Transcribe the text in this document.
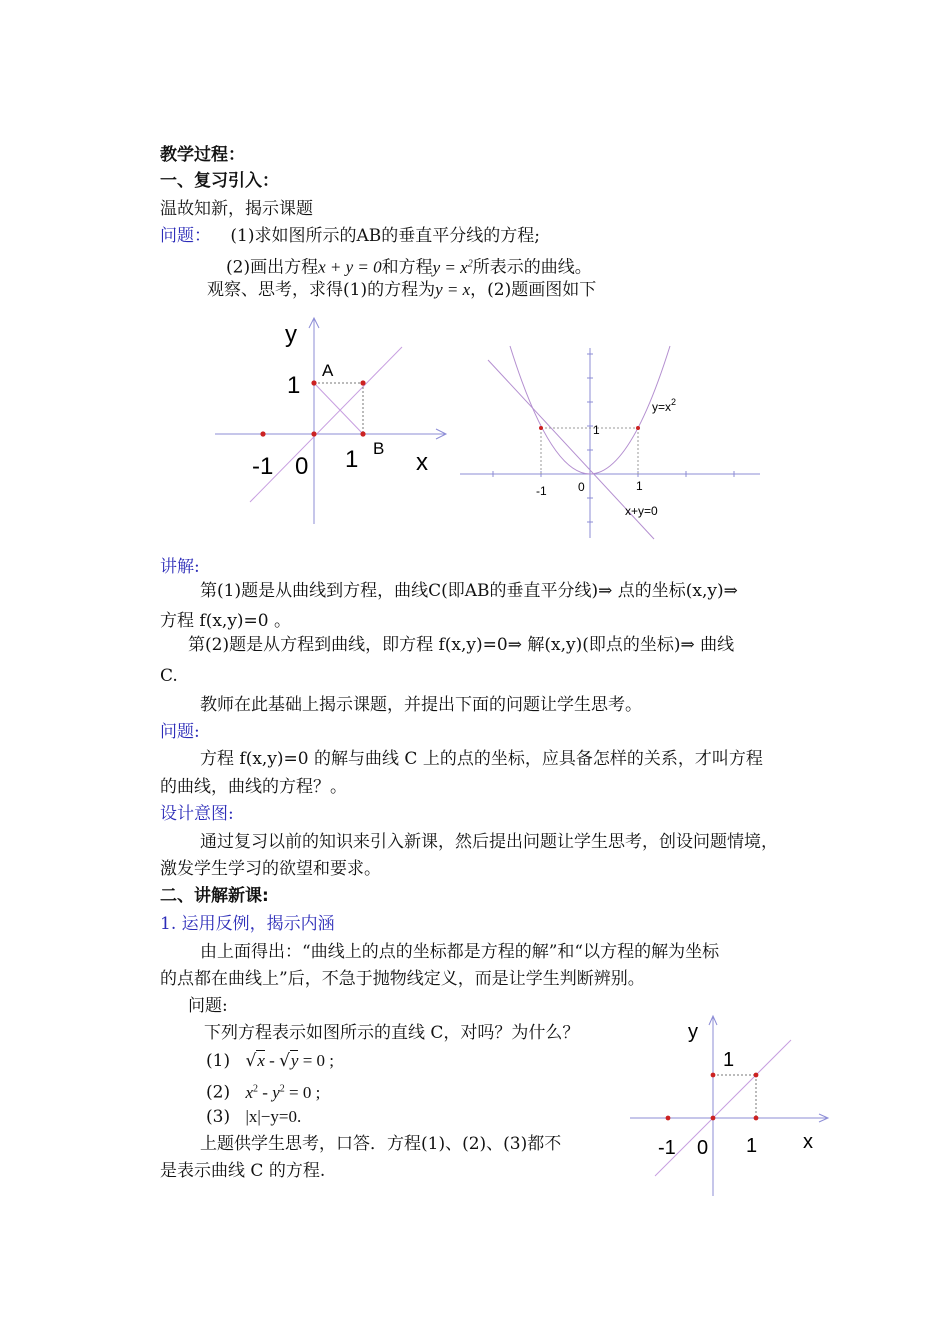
教学过程：
一、复习引入：
温故知新，揭示课题
问题： (1)求如图所示的AB的垂直平分线的方程;
(2)画出方程x + y = 0和方程$y = x^2$所表示的曲线。
观察、思考，求得(1)的方程为y = x，(2)题画图如下
y
A
1
B
-1 0 1 x
$y=x^2$
1
-1	0	1
x+y=0
讲解:
第(1)题是从曲线到方程，曲线C(即AB的垂直平分线)⇒ 点的坐标(x,y)⇒
方程 f(x,y)=0 。
第(2)题是从方程到曲线，即方程 f(x,y)=0⇒ 解(x,y)(即点的坐标)⇒ 曲线
C.
教师在此基础上揭示课题，并提出下面的问题让学生思考。
问题:
方程 f(x,y)=0 的解与曲线 C 上的点的坐标，应具备怎样的关系，才叫方程
的曲线，曲线的方程？。
设计意图:
通过复习以前的知识来引入新课，然后提出问题让学生思考，创设问题情境，
激发学生学习的欲望和要求。
二、讲解新课:
1. 运用反例，揭示内涵
由上面得出：“曲线上的点的坐标都是方程的解”和“以方程的解为坐标
的点都在曲线上”后，不急于抛物线定义，而是让学生判断辨别。
问题:
下列方程表示如图所示的直线 C，对吗？为什么？
(1) √x - √y = 0 ;
(2) $x^2 - y^2 = 0$ ;
(3) |x|−y=0.
上题供学生思考，口答．方程(1)、(2)、(3)都不
是表示曲线 C 的方程.
y
1
-1 0 1 x
